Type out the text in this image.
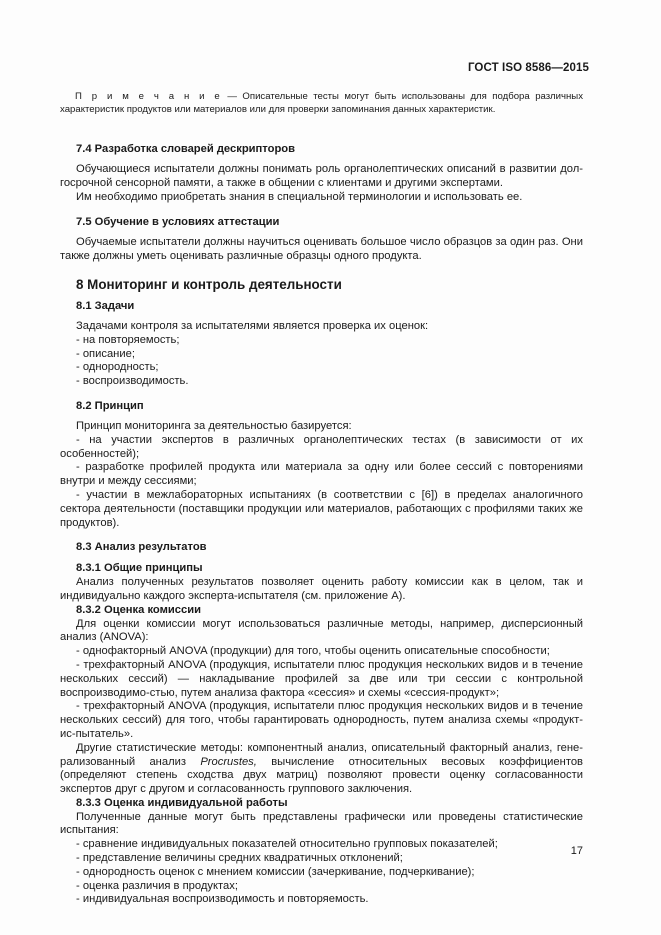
ГОСТ ISO 8586—2015

П р и м е ч а н и е — Описательные тесты могут быть использованы для подбора различных характеристик продуктов или материалов или для проверки запоминания данных характеристик.

7.4 Разработка словарей дескрипторов

Обучающиеся испытатели должны понимать роль органолептических описаний в развитии дол-госрочной сенсорной памяти, а также в общении с клиентами и другими экспертами.

Им необходимо приобретать знания в специальной терминологии и использовать ее.

7.5 Обучение в условиях аттестации

Обучаемые испытатели должны научиться оценивать большое число образцов за один раз. Они также должны уметь оценивать различные образцы одного продукта.

8 Мониторинг и контроль деятельности

8.1 Задачи

Задачами контроля за испытателями является проверка их оценок:

- на повторяемость;

- описание;

- однородность;

- воспроизводимость.

8.2 Принцип

Принцип мониторинга за деятельностью базируется:

- на участии экспертов в различных органолептических тестах (в зависимости от их особенностей);

- разработке профилей продукта или материала за одну или более сессий с повторениями внутри и между сессиями;

- участии в межлабораторных испытаниях (в соответствии с [6]) в пределах аналогичного сектора деятельности (поставщики продукции или материалов, работающих с профилями таких же продуктов).

8.3 Анализ результатов

8.3.1 Общие принципы

Анализ полученных результатов позволяет оценить работу комиссии как в целом, так и индивидуально каждого эксперта-испытателя (см. приложение А).

8.3.2 Оценка комиссии

Для оценки комиссии могут использоваться различные методы, например, дисперсионный анализ (ANOVA):

- однофакторный ANOVA (продукции) для того, чтобы оценить описательные способности;

- трехфакторный ANOVA (продукция, испытатели плюс продукция нескольких видов и в течение нескольких сессий) — накладывание профилей за две или три сессии с контрольной воспроизводимо-стью, путем анализа фактора «сессия» и схемы «сессия-продукт»;

- трехфакторный ANOVA (продукция, испытатели плюс продукция нескольких видов и в течение нескольких сессий) для того, чтобы гарантировать однородность, путем анализа схемы «продукт-ис-пытатель».

Другие статистические методы: компонентный анализ, описательный факторный анализ, гене-рализованный анализ Procrustes, вычисление относительных весовых коэффициентов (определяют степень сходства двух матриц) позволяют провести оценку согласованности экспертов друг с другом и согласованность группового заключения.

8.3.3 Оценка индивидуальной работы

Полученные данные могут быть представлены графически или проведены статистические испытания:

- сравнение индивидуальных показателей относительно групповых показателей;

- представление величины средних квадратичных отклонений;

- однородность оценок с мнением комиссии (зачеркивание, подчеркивание);

- оценка различия в продуктах;

- индивидуальная воспроизводимость и повторяемость.

17
